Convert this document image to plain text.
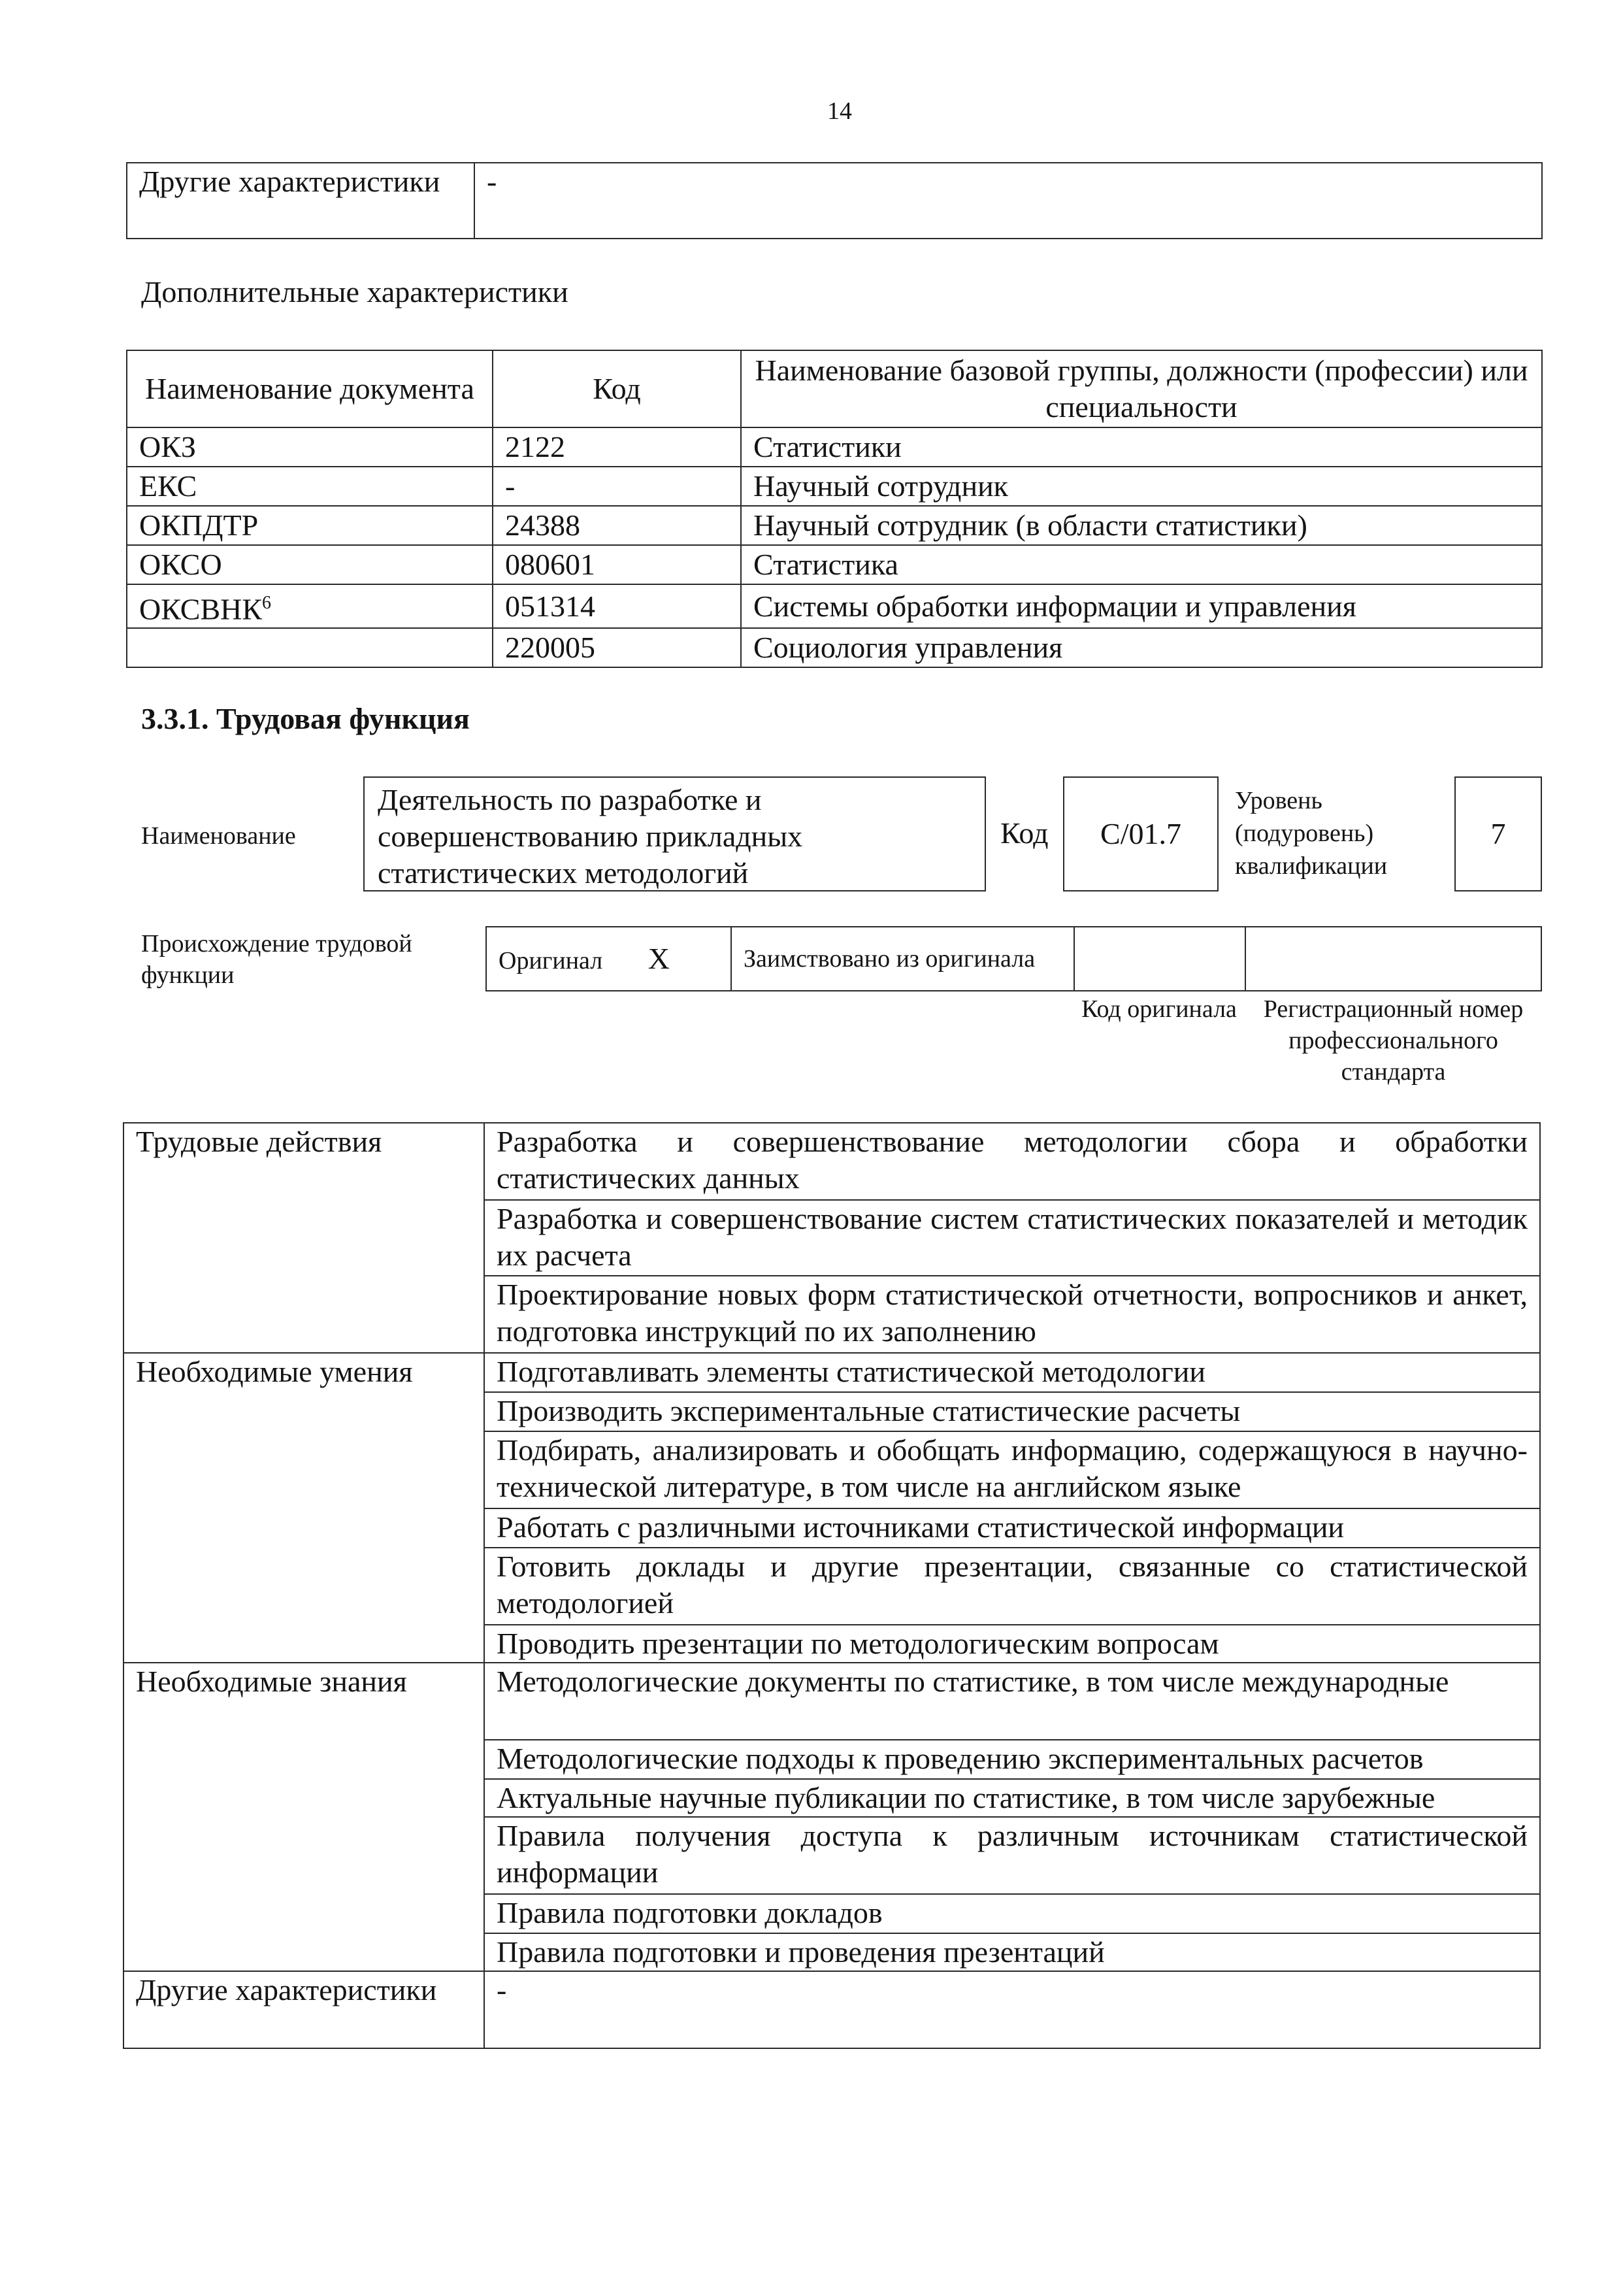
14
Другие характеристики	-
Дополнительные характеристики
Наименование документа	Код	Наименование базовой группы, должности (профессии) или специальности
ОКЗ	2122	Статистики
ЕКС	-	Научный сотрудник
ОКПДТР	24388	Научный сотрудник (в области статистики)
ОКСО	080601	Статистика
ОКСВНК$^6$	051314	Системы обработки информации и управления
	220005	Социология управления
3.3.1. Трудовая функция
Наименование
Деятельность по разработке и совершенствованию прикладных статистических методологий
Код	C/01.7
Уровень (подуровень) квалификации
7
Происхождение трудовой функции
Оригинал X	Заимствовано из оригинала		
Код оригинала	Регистрационный номер профессионального стандарта
Трудовые действия	Разработка и совершенствование методологии сбора и обработки статистических данных
	Разработка и совершенствование систем статистических показателей и методик их расчета
	Проектирование новых форм статистической отчетности, вопросников и анкет, подготовка инструкций по их заполнению
Необходимые умения	Подготавливать элементы статистической методологии
	Производить экспериментальные статистические расчеты
	Подбирать, анализировать и обобщать информацию, содержащуюся в научно-технической литературе, в том числе на английском языке
	Работать с различными источниками статистической информации
	Готовить доклады и другие презентации, связанные со статистической методологией
	Проводить презентации по методологическим вопросам
Необходимые знания	Методологические документы по статистике, в том числе международные
	Методологические подходы к проведению экспериментальных расчетов
	Актуальные научные публикации по статистике, в том числе зарубежные
	Правила получения доступа к различным источникам статистической информации
	Правила подготовки докладов
	Правила подготовки и проведения презентаций
Другие характеристики	-
